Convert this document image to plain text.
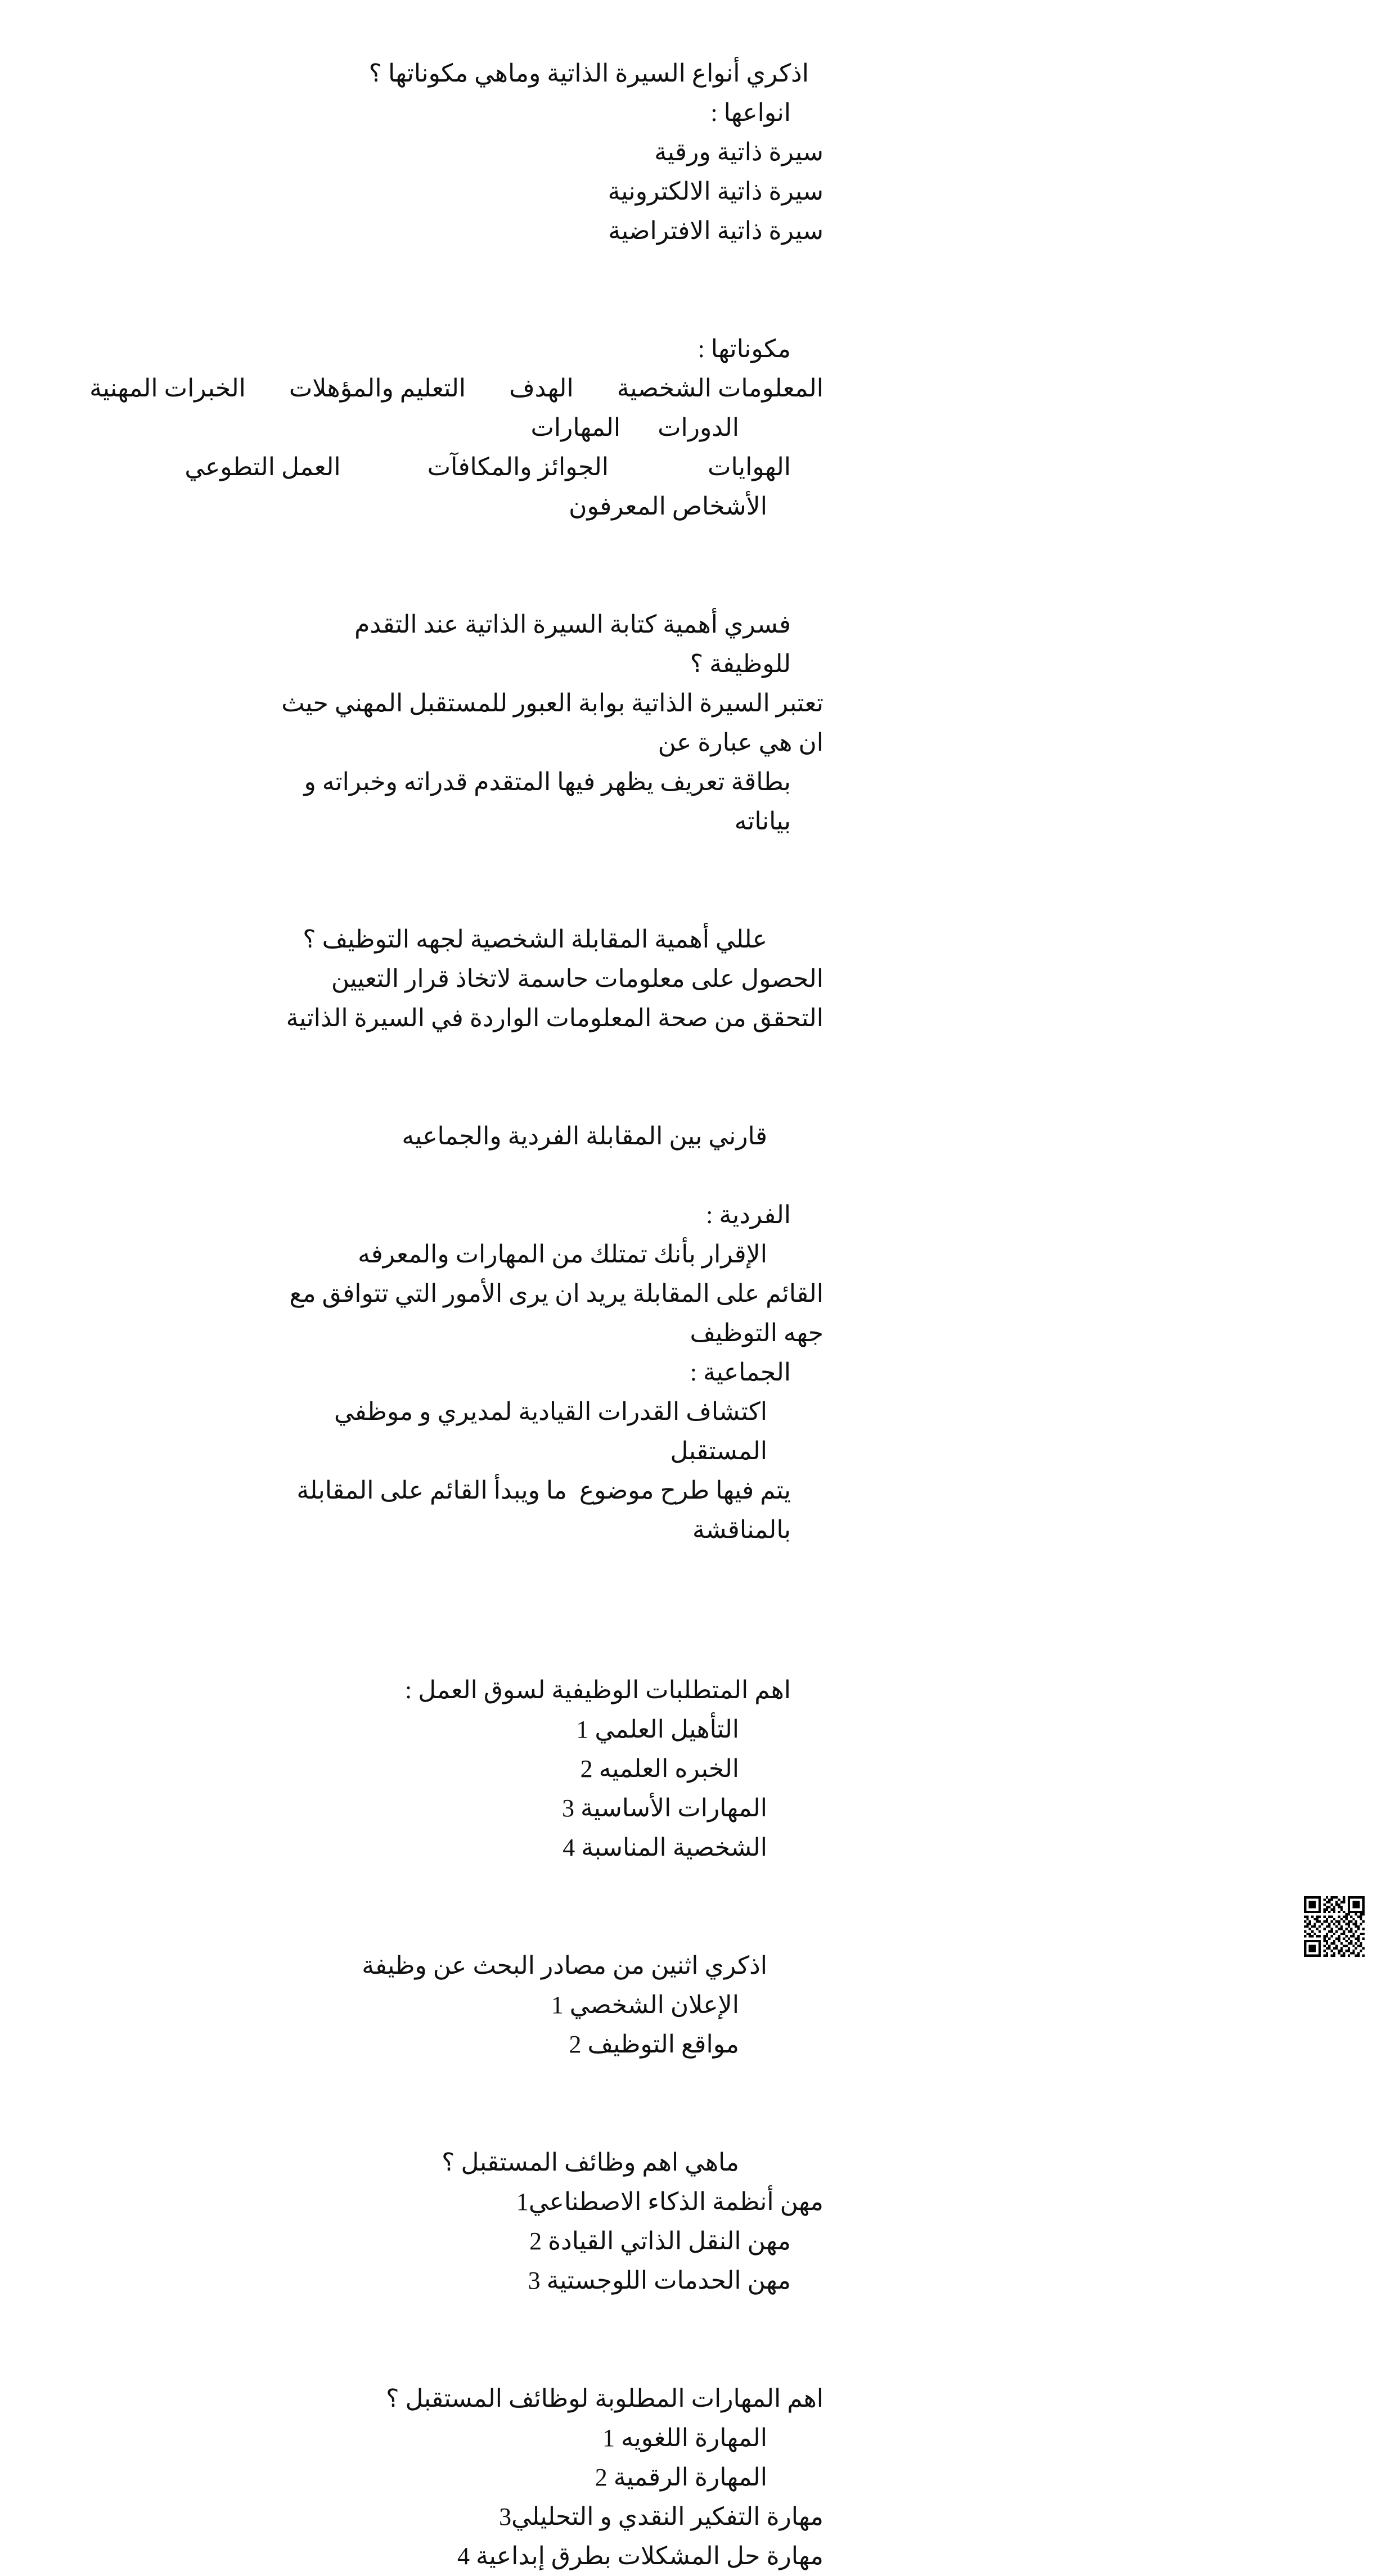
اذكري أنواع السيرة الذاتية وماهي مكوناتها ؟
انواعها :
سيرة ذاتية ورقية
سيرة ذاتية الالكترونية
سيرة ذاتية الافتراضية
مكوناتها :
المعلومات الشخصية       الهدف       التعليم والمؤهلات       الخبرات المهنية
الدورات      المهارات
الهوايات                الجوائز والمكافآت              العمل التطوعي
الأشخاص المعرفون
فسري أهمية كتابة السيرة الذاتية عند التقدم للوظيفة ؟
تعتبر السيرة الذاتية بوابة العبور للمستقبل المهني حيث ان هي عبارة عن
بطاقة تعريف يظهر فيها المتقدم قدراته وخبراته و بياناته
عللي أهمية المقابلة الشخصية لجهه التوظيف ؟
الحصول على معلومات حاسمة لاتخاذ قرار التعيين
التحقق من صحة المعلومات الواردة في السيرة الذاتية
قارني بين المقابلة الفردية والجماعيه
الفردية :
الإقرار بأنك تمتلك من المهارات والمعرفه
القائم على المقابلة يريد ان يرى الأمور التي تتوافق مع جهه التوظيف
الجماعية :
اكتشاف القدرات القيادية لمديري و موظفي  المستقبل
يتم فيها طرح موضوع  ما ويبدأ القائم على المقابلة بالمناقشة
اهم المتطلبات الوظيفية لسوق العمل :
التأهيل العلمي 1
الخبره العلميه 2
المهارات الأساسية 3
الشخصية المناسبة 4
اذكري اثنين من مصادر البحث عن وظيفة
الإعلان الشخصي 1
مواقع التوظيف 2
ماهي اهم وظائف المستقبل ؟
مهن أنظمة الذكاء الاصطناعي1
مهن النقل الذاتي القيادة 2
مهن الحدمات اللوجستية 3
اهم المهارات المطلوبة لوظائف المستقبل ؟
المهارة اللغويه 1
المهارة الرقمية 2
مهارة التفكير النقدي و التحليلي3
مهارة حل المشكلات بطرق إبداعية 4
